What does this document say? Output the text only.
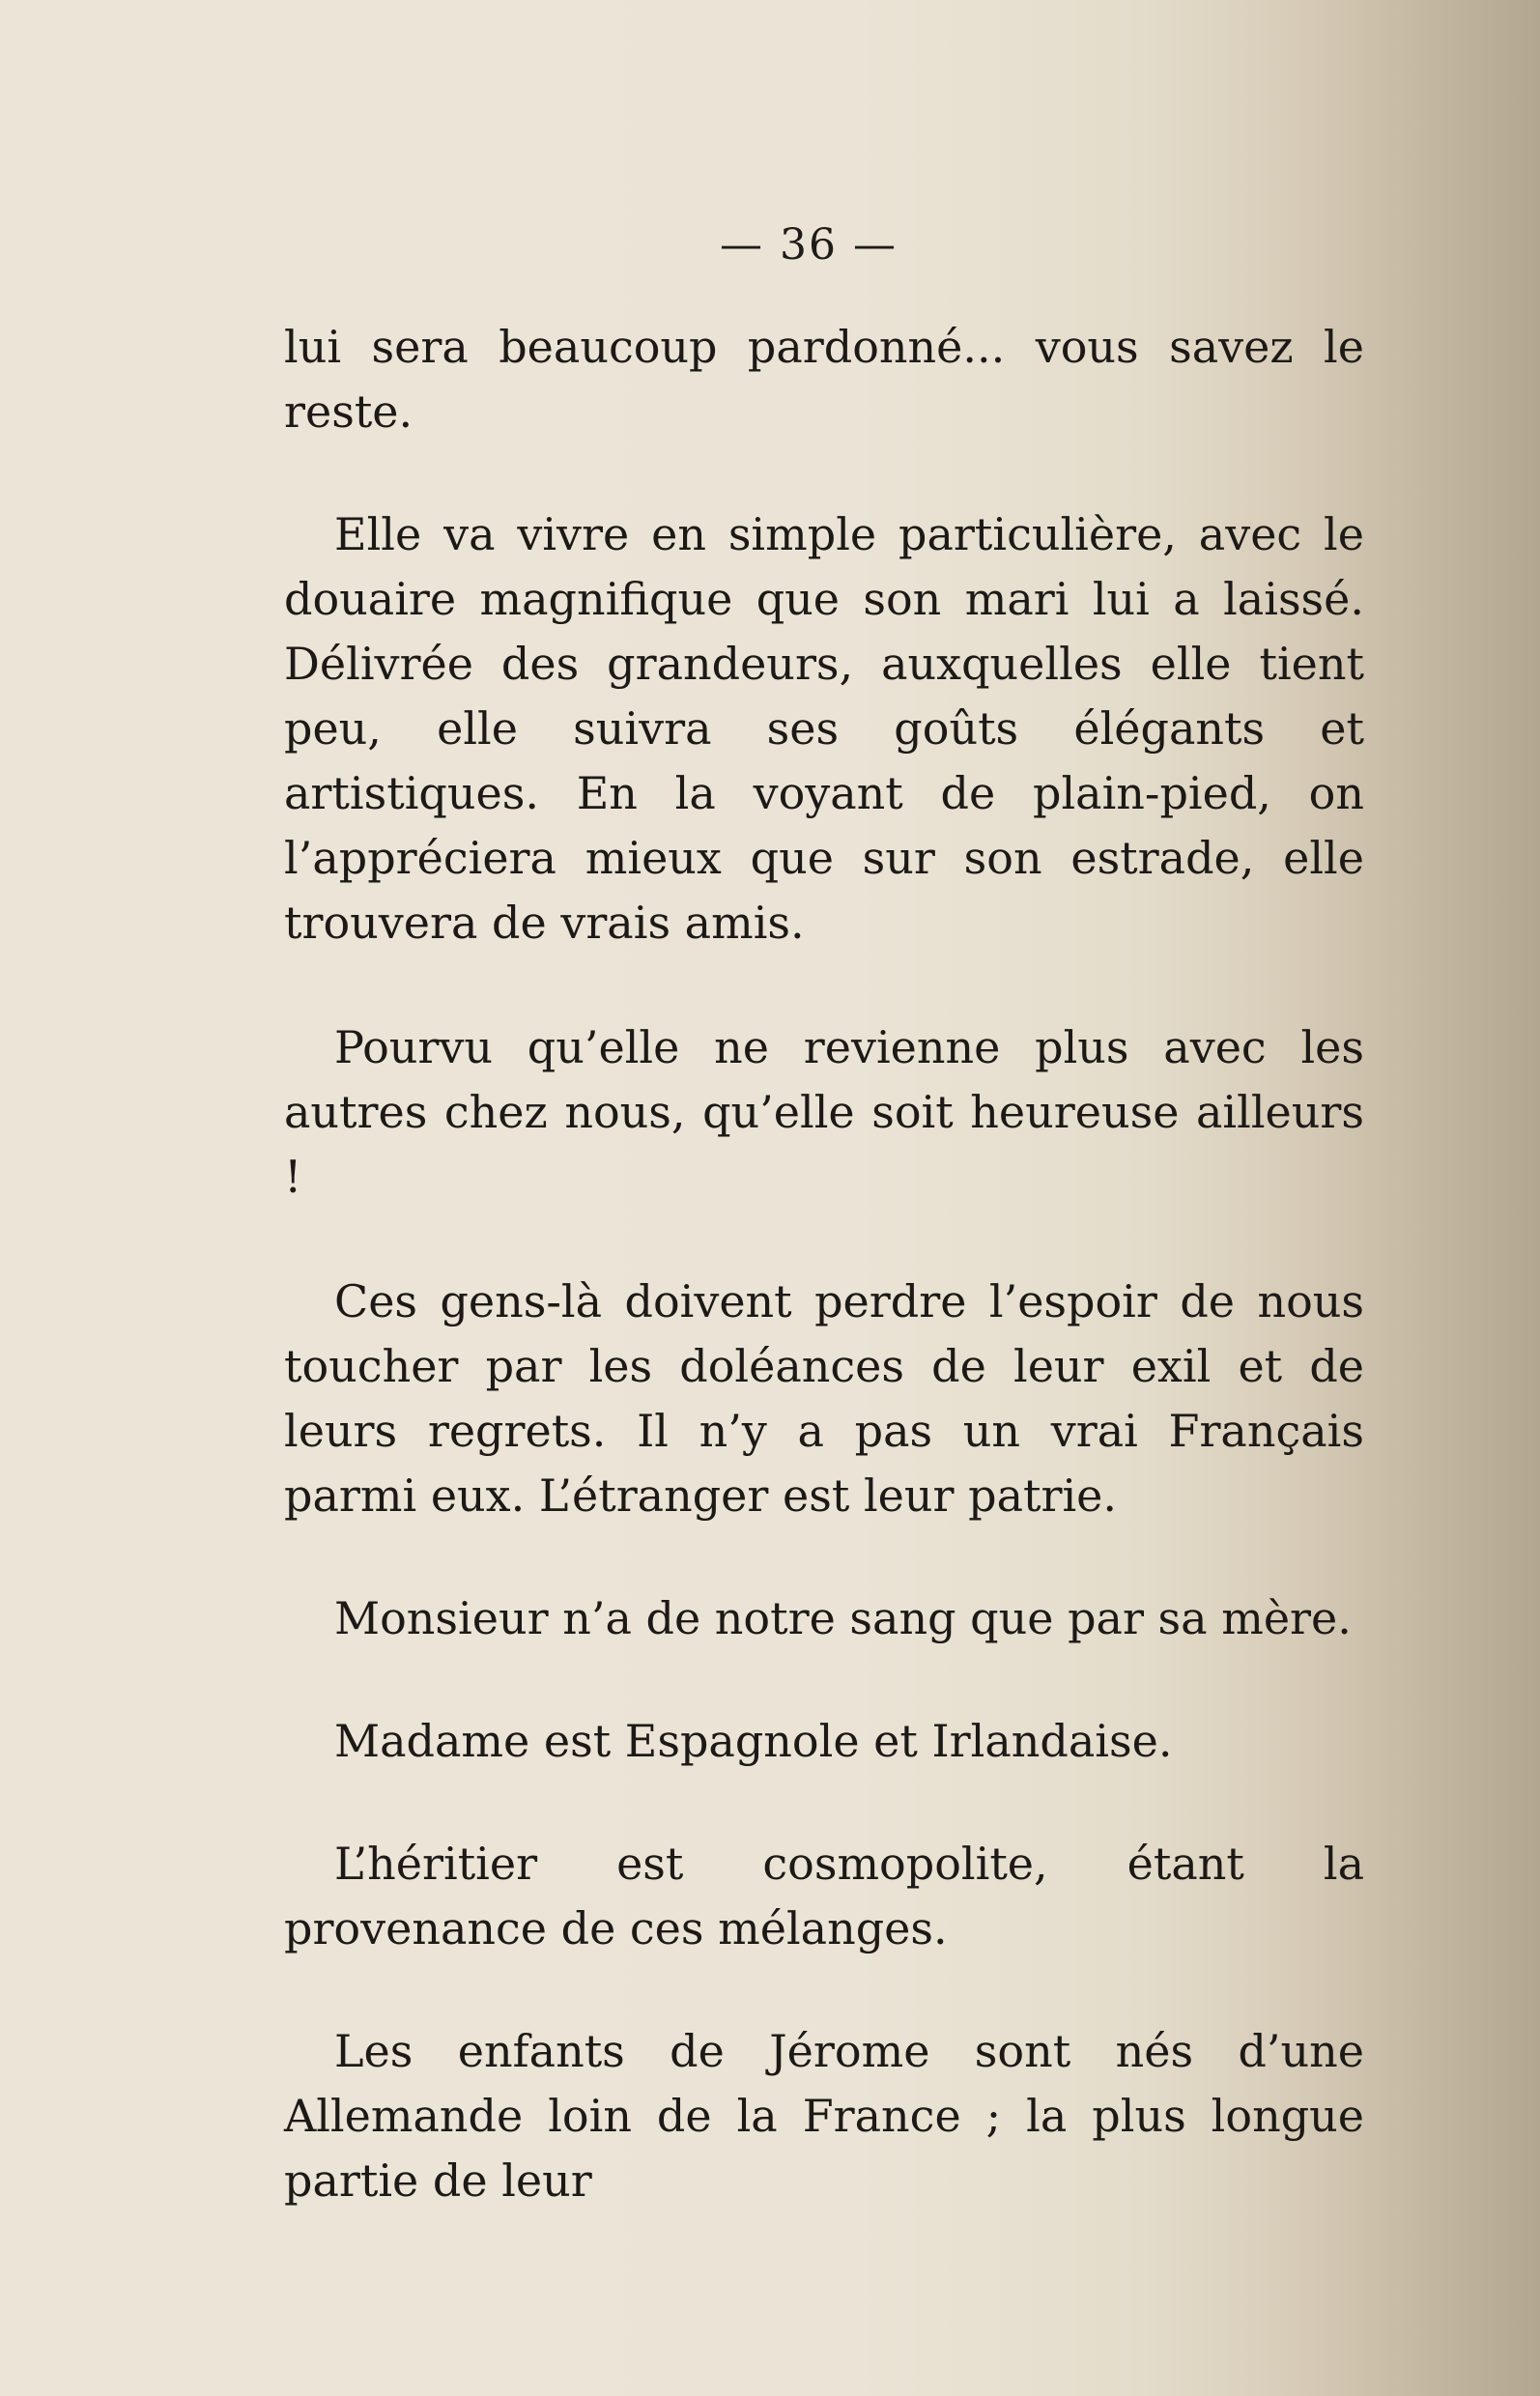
— 36 —

lui sera beaucoup pardonné... vous savez le reste.

Elle va vivre en simple particulière, avec le douaire magnifique que son mari lui a laissé. Délivrée des grandeurs, auxquelles elle tient peu, elle suivra ses goûts élégants et artistiques. En la voyant de plain-pied, on l’appréciera mieux que sur son estrade, elle trouvera de vrais amis.

Pourvu qu’elle ne revienne plus avec les autres chez nous, qu’elle soit heureuse ailleurs !

Ces gens-là doivent perdre l’espoir de nous toucher par les doléances de leur exil et de leurs regrets. Il n’y a pas un vrai Français parmi eux. L’étranger est leur patrie.

Monsieur n’a de notre sang que par sa mère.

Madame est Espagnole et Irlandaise.

L’héritier est cosmopolite, étant la provenance de ces mélanges.

Les enfants de Jérome sont nés d’une Allemande loin de la France ; la plus longue partie de leur
